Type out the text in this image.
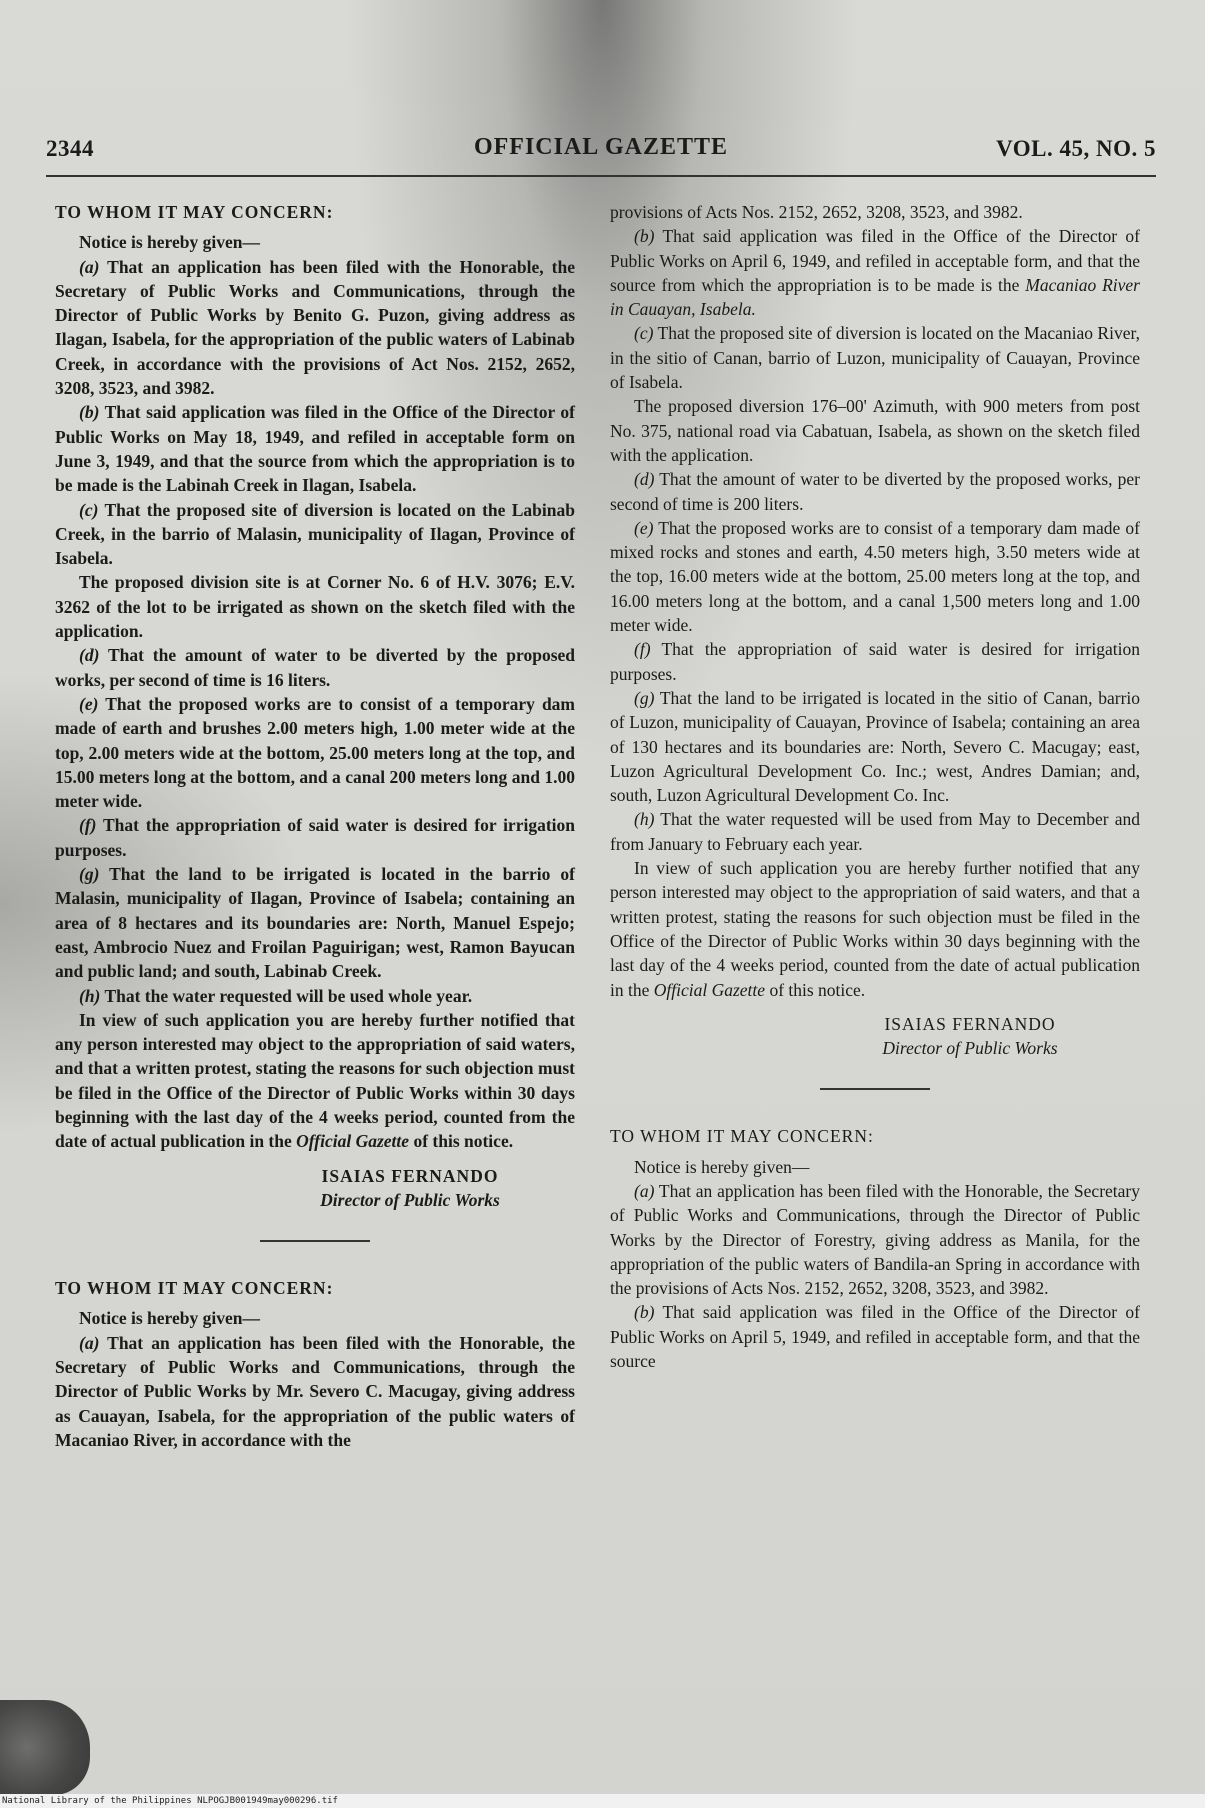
2344	OFFICIAL GAZETTE	VOL. 45, NO. 5

TO WHOM IT MAY CONCERN:

Notice is hereby given—

(a) That an application has been filed with the Honorable, the Secretary of Public Works and Communications, through the Director of Public Works by Benito G. Puzon, giving address as Ilagan, Isabela, for the appropriation of the public waters of Labinab Creek, in accordance with the provisions of Act Nos. 2152, 2652, 3208, 3523, and 3982.

(b) That said application was filed in the Office of the Director of Public Works on May 18, 1949, and refiled in acceptable form on June 3, 1949, and that the source from which the appropriation is to be made is the Labinah Creek in Ilagan, Isabela.

(c) That the proposed site of diversion is located on the Labinab Creek, in the barrio of Malasin, municipality of Ilagan, Province of Isabela.

The proposed division site is at Corner No. 6 of H.V. 3076; E.V. 3262 of the lot to be irrigated as shown on the sketch filed with the application.

(d) That the amount of water to be diverted by the proposed works, per second of time is 16 liters.

(e) That the proposed works are to consist of a temporary dam made of earth and brushes 2.00 meters high, 1.00 meter wide at the top, 2.00 meters wide at the bottom, 25.00 meters long at the top, and 15.00 meters long at the bottom, and a canal 200 meters long and 1.00 meter wide.

(f) That the appropriation of said water is desired for irrigation purposes.

(g) That the land to be irrigated is located in the barrio of Malasin, municipality of Ilagan, Province of Isabela; containing an area of 8 hectares and its boundaries are: North, Manuel Espejo; east, Ambrocio Nuez and Froilan Paguirigan; west, Ramon Bayucan and public land; and south, Labinab Creek.

(h) That the water requested will be used whole year.

In view of such application you are hereby further notified that any person interested may object to the appropriation of said waters, and that a written protest, stating the reasons for such objection must be filed in the Office of the Director of Public Works within 30 days beginning with the last day of the 4 weeks period, counted from the date of actual publication in the Official Gazette of this notice.

ISAIAS FERNANDO
Director of Public Works

TO WHOM IT MAY CONCERN:

Notice is hereby given—

(a) That an application has been filed with the Honorable, the Secretary of Public Works and Communications, through the Director of Public Works by Mr. Severo C. Macugay, giving address as Cauayan, Isabela, for the appropriation of the public waters of Macaniao River, in accordance with the

provisions of Acts Nos. 2152, 2652, 3208, 3523, and 3982.

(b) That said application was filed in the Office of the Director of Public Works on April 6, 1949, and refiled in acceptable form, and that the source from which the appropriation is to be made is the Macaniao River in Cauayan, Isabela.

(c) That the proposed site of diversion is located on the Macaniao River, in the sitio of Canan, barrio of Luzon, municipality of Cauayan, Province of Isabela.

The proposed diversion 176–00' Azimuth, with 900 meters from post No. 375, national road via Cabatuan, Isabela, as shown on the sketch filed with the application.

(d) That the amount of water to be diverted by the proposed works, per second of time is 200 liters.

(e) That the proposed works are to consist of a temporary dam made of mixed rocks and stones and earth, 4.50 meters high, 3.50 meters wide at the top, 16.00 meters wide at the bottom, 25.00 meters long at the top, and 16.00 meters long at the bottom, and a canal 1,500 meters long and 1.00 meter wide.

(f) That the appropriation of said water is desired for irrigation purposes.

(g) That the land to be irrigated is located in the sitio of Canan, barrio of Luzon, municipality of Cauayan, Province of Isabela; containing an area of 130 hectares and its boundaries are: North, Severo C. Macugay; east, Luzon Agricultural Development Co. Inc.; west, Andres Damian; and, south, Luzon Agricultural Development Co. Inc.

(h) That the water requested will be used from May to December and from January to February each year.

In view of such application you are hereby further notified that any person interested may object to the appropriation of said waters, and that a written protest, stating the reasons for such objection must be filed in the Office of the Director of Public Works within 30 days beginning with the last day of the 4 weeks period, counted from the date of actual publication in the Official Gazette of this notice.

ISAIAS FERNANDO
Director of Public Works

TO WHOM IT MAY CONCERN:

Notice is hereby given—

(a) That an application has been filed with the Honorable, the Secretary of Public Works and Communications, through the Director of Public Works by the Director of Forestry, giving address as Manila, for the appropriation of the public waters of Bandila-an Spring in accordance with the provisions of Acts Nos. 2152, 2652, 3208, 3523, and 3982.

(b) That said application was filed in the Office of the Director of Public Works on April 5, 1949, and refiled in acceptable form, and that the source

National Library of the Philippines NLPOGJB001949may000296.tif
